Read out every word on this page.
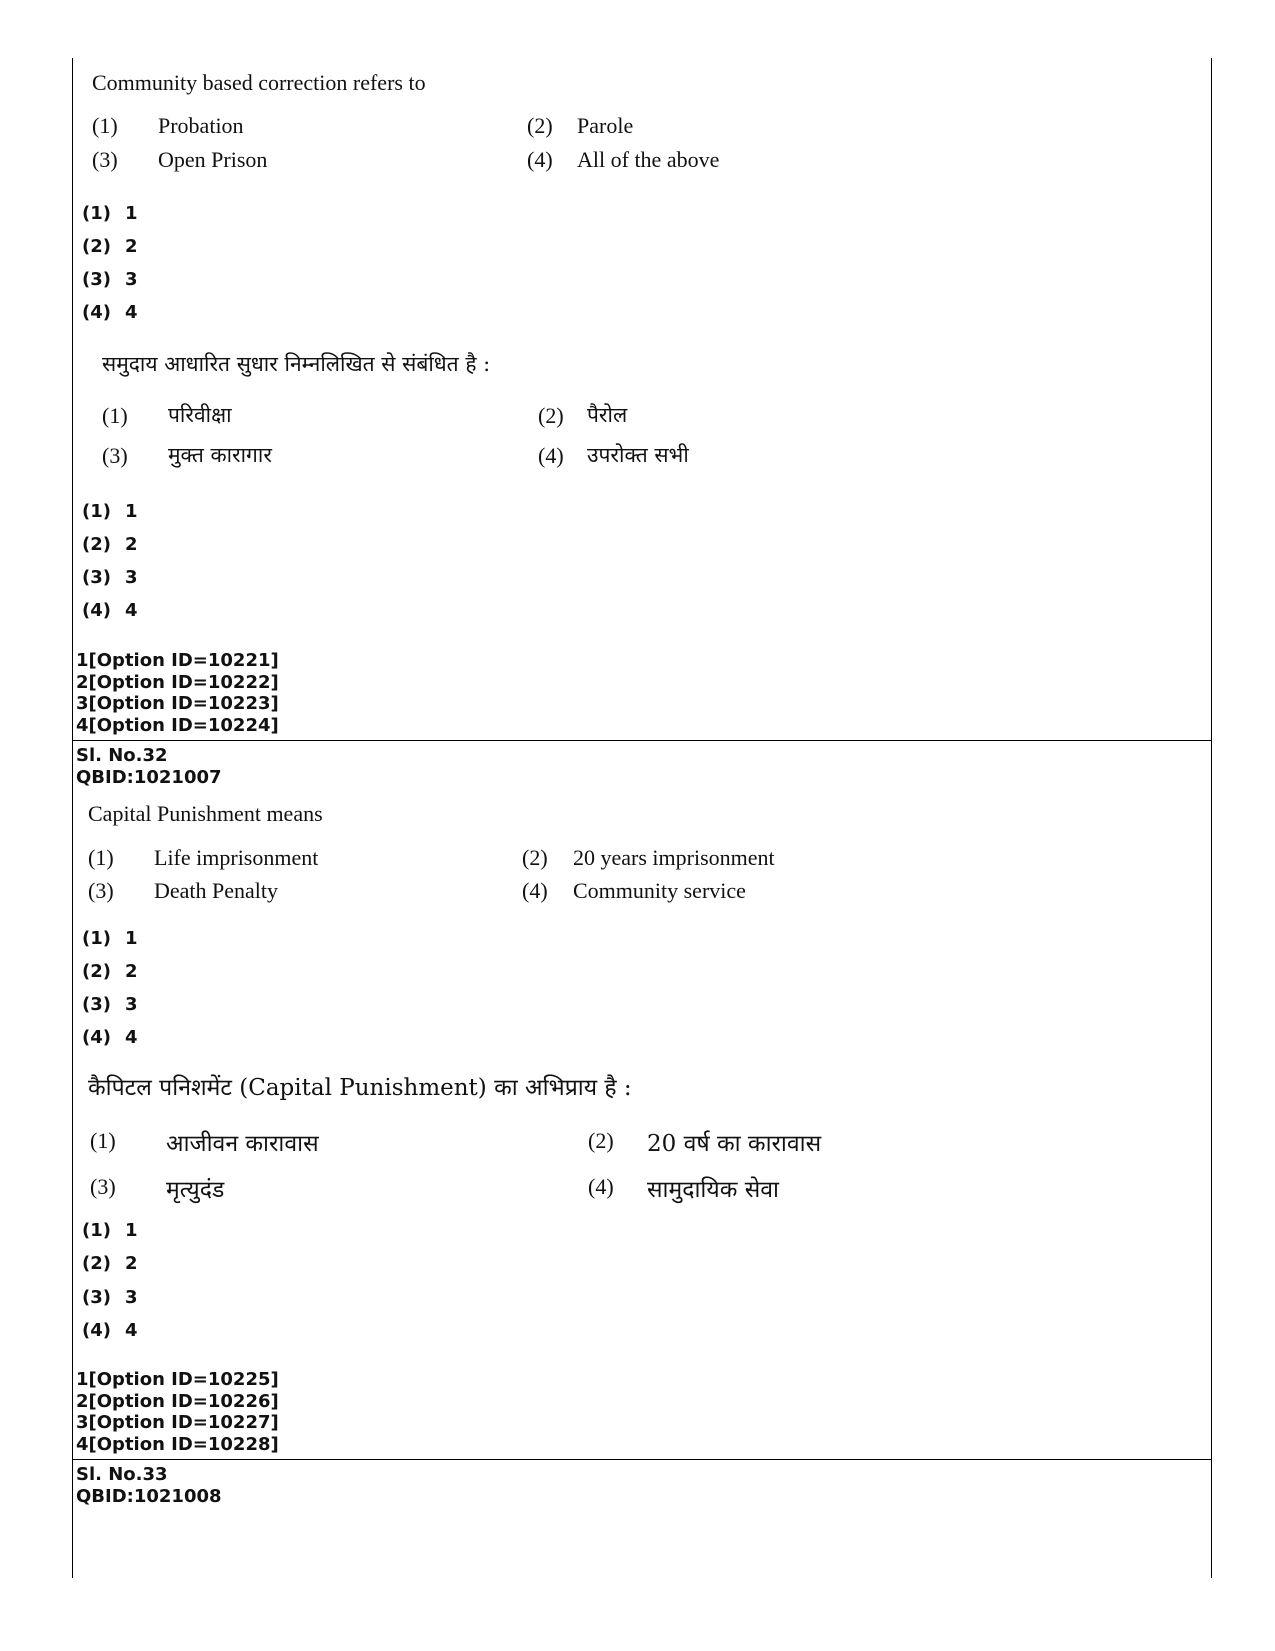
Community based correction refers to
(1) Probation	(2) Parole
(3) Open Prison	(4) All of the above
(1) 1
(2) 2
(3) 3
(4) 4
समुदाय आधारित सुधार निम्नलिखित से संबंधित है :
(1) परिवीक्षा	(2) पैरोल
(3) मुक्त कारागार	(4) उपरोक्त सभी
(1) 1
(2) 2
(3) 3
(4) 4
1[Option ID=10221]
2[Option ID=10222]
3[Option ID=10223]
4[Option ID=10224]
Sl. No.32
QBID:1021007
Capital Punishment means
(1) Life imprisonment	(2) 20 years imprisonment
(3) Death Penalty	(4) Community service
(1) 1
(2) 2
(3) 3
(4) 4
कैपिटल पनिशमेंट (Capital Punishment) का अभिप्राय है :
(1) आजीवन कारावास	(2) 20 वर्ष का कारावास
(3) मृत्युदंड	(4) सामुदायिक सेवा
(1) 1
(2) 2
(3) 3
(4) 4
1[Option ID=10225]
2[Option ID=10226]
3[Option ID=10227]
4[Option ID=10228]
Sl. No.33
QBID:1021008
